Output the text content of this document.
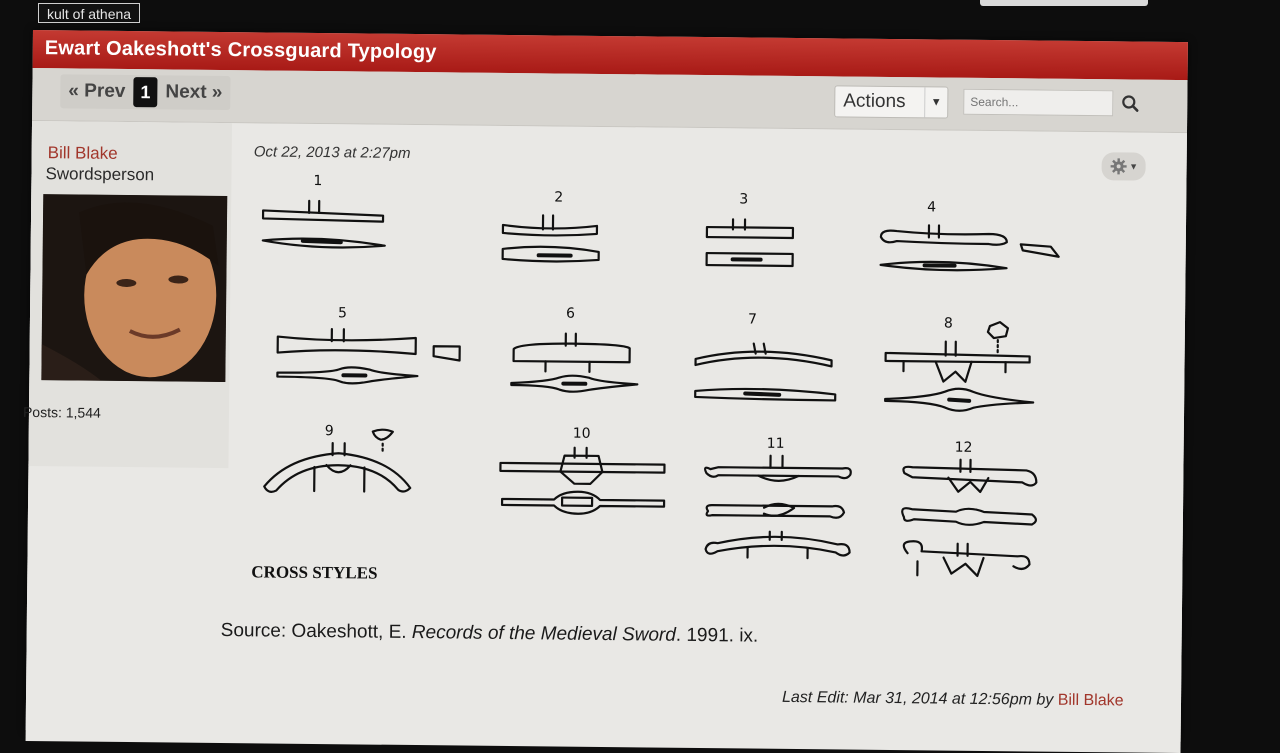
kult of athena
Ewart Oakeshott's Crossguard Typology
« Prev 1 Next »	Actions	▼
Search...
Bill Blake
Swordsperson
Posts: 1,544
Oct 22, 2013 at 2:27pm
▼
1
2	3	4
5	6	7	8
9	10
11	12
CROSS STYLES
Source: Oakeshott, E. Records of the Medieval Sword. 1991. ix.
Last Edit: Mar 31, 2014 at 12:56pm by Bill Blake
